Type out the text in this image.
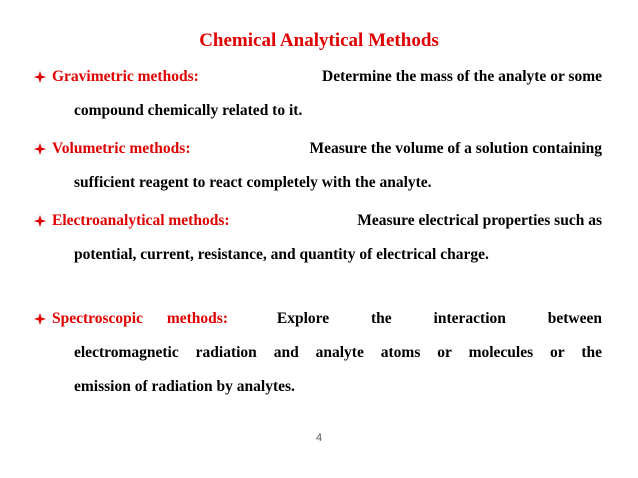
Chemical Analytical Methods
Gravimetric methods:	Determine the mass of the analyte or some
compound chemically related to it.
Volumetric methods:	Measure the volume of a solution containing
sufficient reagent to react completely with the analyte.
Electroanalytical methods:	Measure electrical properties such as
potential, current, resistance, and quantity of electrical charge.
Spectroscopic methods:	Explore the interaction between
electromagnetic radiation and analyte atoms or molecules or the
emission of radiation by analytes.
4
